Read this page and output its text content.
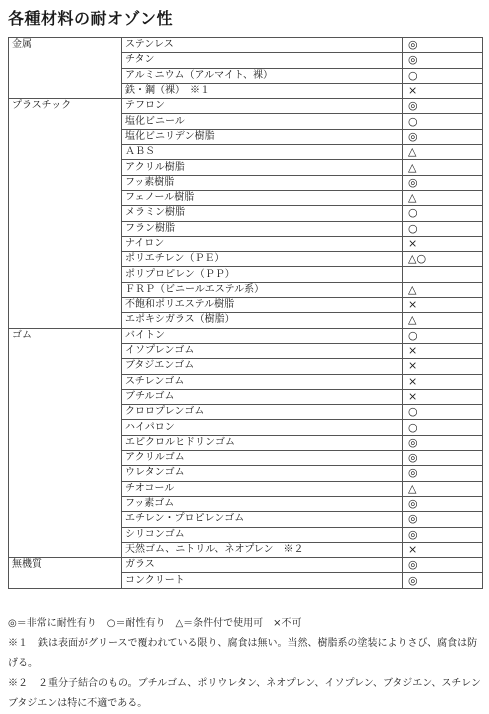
各種材料の耐オゾン性
金属	ステンレス	◎
	チタン	◎
	アルミニウム（アルマイト、裸）	○
	鉄・鋼（裸）　※１	×
プラスチック	テフロン	◎
	塩化ビニール	○
	塩化ビニリデン樹脂	◎
	ＡＢＳ	△
	アクリル樹脂	△
	フッ素樹脂	◎
	フェノール樹脂	△
	メラミン樹脂	○
	フラン樹脂	○
	ナイロン	×
	ポリエチレン（ＰＥ）	△○
	ポリプロピレン（ＰＰ）	
	ＦＲＰ（ビニールエステル系）	△
	不飽和ポリエステル樹脂	×
	エポキシガラス（樹脂）	△
ゴム	バイトン	○
	イソプレンゴム	×
	ブタジエンゴム	×
	スチレンゴム	×
	ブチルゴム	×
	クロロプレンゴム	○
	ハイパロン	○
	エピクロルヒドリンゴム	◎
	アクリルゴム	◎
	ウレタンゴム	◎
	チオコール	△
	フッ素ゴム	◎
	エチレン・プロピレンゴム	◎
	シリコンゴム	◎
	天然ゴム、ニトリル、ネオプレン　※２	×
無機質	ガラス	◎
	コンクリート	◎

◎＝非常に耐性有り　○＝耐性有り　△＝条件付で使用可　×不可

※１　鉄は表面がグリースで覆われている限り、腐食は無い。当然、樹脂系の塗装によりさび、腐食は防げる。

※２　２重分子結合のもの。ブチルゴム、ポリウレタン、ネオプレン、イソプレン、ブタジエン、スチレンブタジエンは特に不適である。
